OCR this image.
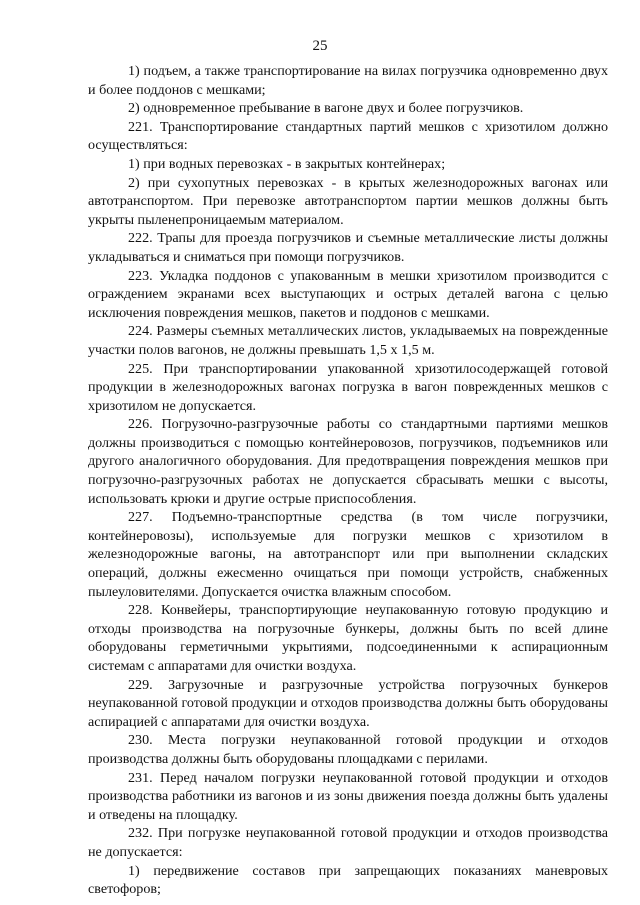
25

1) подъем, а также транспортирование на вилах погрузчика одновременно двух и более поддонов с мешками;

2) одновременное пребывание в вагоне двух и более погрузчиков.

221. Транспортирование стандартных партий мешков с хризотилом должно осуществляться:

1) при водных перевозках - в закрытых контейнерах;

2) при сухопутных перевозках - в крытых железнодорожных вагонах или автотранспортом. При перевозке автотранспортом партии мешков должны быть укрыты пыленепроницаемым материалом.

222. Трапы для проезда погрузчиков и съемные металлические листы должны укладываться и сниматься при помощи погрузчиков.

223. Укладка поддонов с упакованным в мешки хризотилом производится с ограждением экранами всех выступающих и острых деталей вагона с целью исключения повреждения мешков, пакетов и поддонов с мешками.

224. Размеры съемных металлических листов, укладываемых на поврежденные участки полов вагонов, не должны превышать 1,5 х 1,5 м.

225. При транспортировании упакованной хризотилосодержащей готовой продукции в железнодорожных вагонах погрузка в вагон поврежденных мешков с хризотилом не допускается.

226. Погрузочно-разгрузочные работы со стандартными партиями мешков должны производиться с помощью контейнеровозов, погрузчиков, подъемников или другого аналогичного оборудования. Для предотвращения повреждения мешков при погрузочно-разгрузочных работах не допускается сбрасывать мешки с высоты, использовать крюки и другие острые приспособления.

227. Подъемно-транспортные средства (в том числе погрузчики, контейнеровозы), используемые для погрузки мешков с хризотилом в железнодорожные вагоны, на автотранспорт или при выполнении складских операций, должны ежесменно очищаться при помощи устройств, снабженных пылеуловителями. Допускается очистка влажным способом.

228. Конвейеры, транспортирующие неупакованную готовую продукцию и отходы производства на погрузочные бункеры, должны быть по всей длине оборудованы герметичными укрытиями, подсоединенными к аспирационным системам с аппаратами для очистки воздуха.

229. Загрузочные и разгрузочные устройства погрузочных бункеров неупакованной готовой продукции и отходов производства должны быть оборудованы аспирацией с аппаратами для очистки воздуха.

230. Места погрузки неупакованной готовой продукции и отходов производства должны быть оборудованы площадками с перилами.

231. Перед началом погрузки неупакованной готовой продукции и отходов производства работники из вагонов и из зоны движения поезда должны быть удалены и отведены на площадку.

232. При погрузке неупакованной готовой продукции и отходов производства не допускается:

1) передвижение составов при запрещающих показаниях маневровых светофоров;
